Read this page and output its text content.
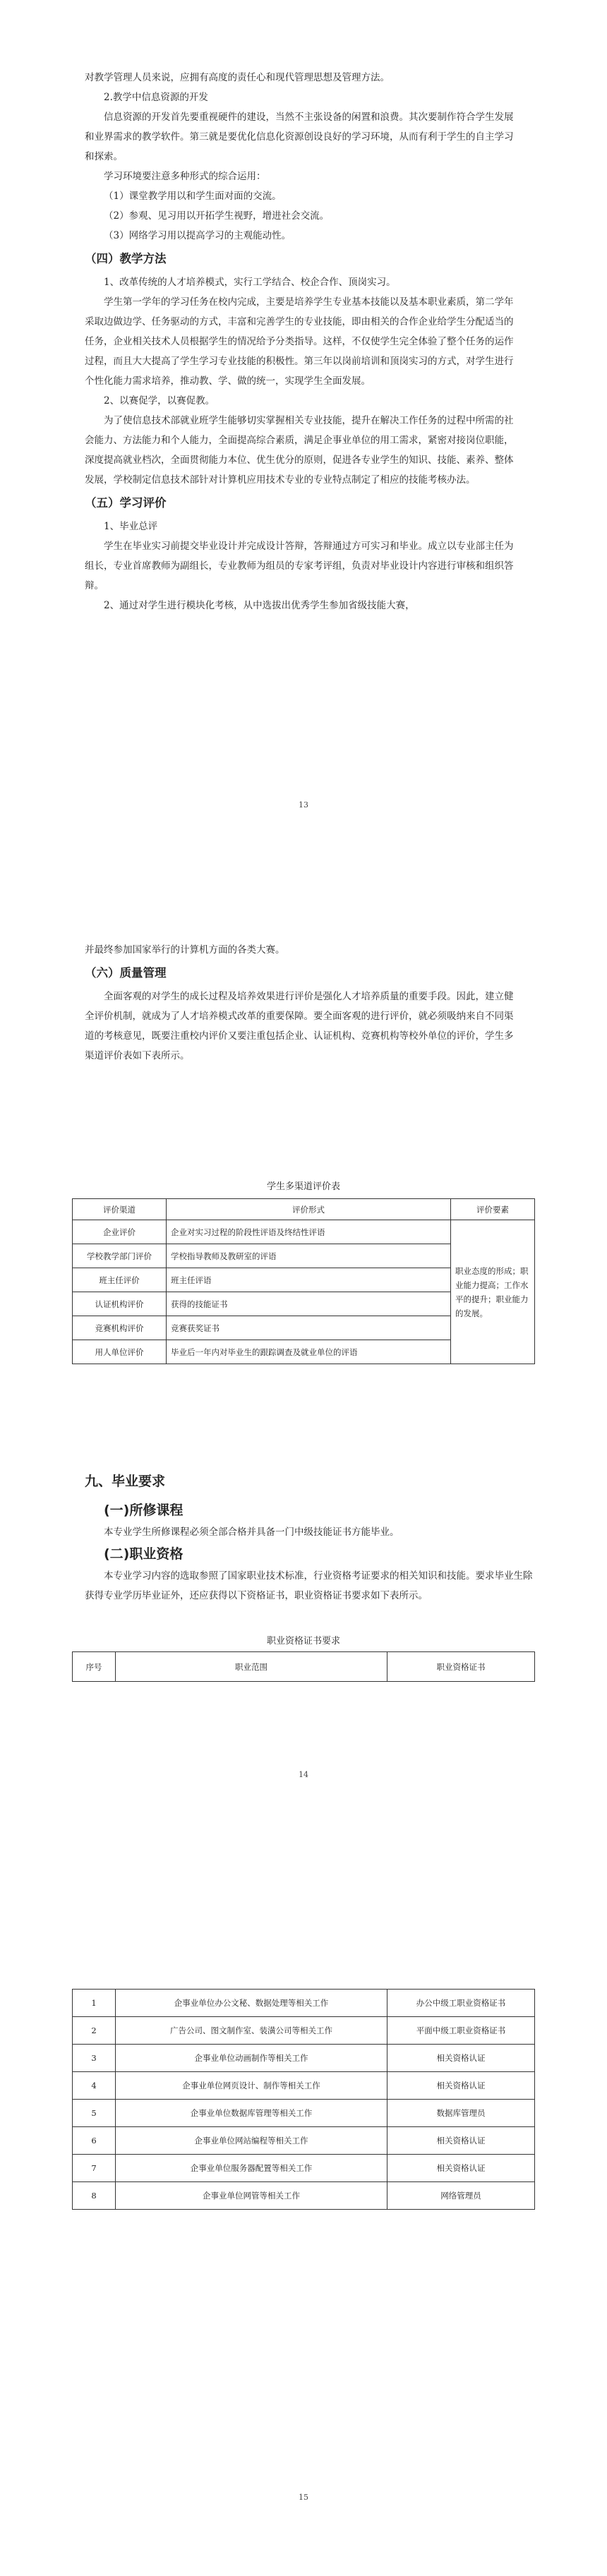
对教学管理人员来说，应拥有高度的责任心和现代管理思想及管理方法。

2.教学中信息资源的开发

信息资源的开发首先要重视硬件的建设，当然不主张设备的闲置和浪费。其次要制作符合学生发展和业界需求的教学软件。第三就是要优化信息化资源创设良好的学习环境，从而有利于学生的自主学习和探索。

学习环境要注意多种形式的综合运用：

（1）课堂教学用以和学生面对面的交流。

（2）参观、见习用以开拓学生视野，增进社会交流。

（3）网络学习用以提高学习的主观能动性。

（四）教学方法

1、改革传统的人才培养模式，实行工学结合、校企合作、顶岗实习。

学生第一学年的学习任务在校内完成，主要是培养学生专业基本技能以及基本职业素质，第二学年采取边做边学、任务驱动的方式，丰富和完善学生的专业技能，即由相关的合作企业给学生分配适当的任务，企业相关技术人员根据学生的情况给予分类指导。这样，不仅使学生完全体验了整个任务的运作过程，而且大大提高了学生学习专业技能的积极性。第三年以岗前培训和顶岗实习的方式，对学生进行个性化能力需求培养，推动教、学、做的统一，实现学生全面发展。

2、以赛促学，以赛促教。

为了使信息技术部就业班学生能够切实掌握相关专业技能，提升在解决工作任务的过程中所需的社会能力、方法能力和个人能力，全面提高综合素质，满足企事业单位的用工需求，紧密对接岗位职能，深度提高就业档次，全面贯彻能力本位、优生优分的原则，促进各专业学生的知识、技能、素养、整体发展，学校制定信息技术部针对计算机应用技术专业的专业特点制定了相应的技能考核办法。

（五）学习评价

1、毕业总评

学生在毕业实习前提交毕业设计并完成设计答辩，答辩通过方可实习和毕业。成立以专业部主任为组长，专业首席教师为副组长，专业教师为组员的专家考评组，负责对毕业设计内容进行审核和组织答辩。

2、通过对学生进行模块化考核，从中选拔出优秀学生参加省级技能大赛，

13

并最终参加国家举行的计算机方面的各类大赛。

（六）质量管理

全面客观的对学生的成长过程及培养效果进行评价是强化人才培养质量的重要手段。因此，建立健全评价机制，就成为了人才培养模式改革的重要保障。要全面客观的进行评价，就必须吸纳来自不同渠道的考核意见，既要注重校内评价又要注重包括企业、认证机构、竞赛机构等校外单位的评价，学生多渠道评价表如下表所示。

学生多渠道评价表
评价渠道	评价形式	评价要素
企业评价	企业对实习过程的阶段性评语及终结性评语	职业态度的形成；职业能力提高；工作水平的提升；职业能力的发展。
学校教学部门评价	学校指导教师及教研室的评语	
班主任评价	班主任评语	
认证机构评价	获得的技能证书	
竞赛机构评价	竞赛获奖证书	
用人单位评价	毕业后一年内对毕业生的跟踪调查及就业单位的评语	

九、毕业要求

(一)所修课程

本专业学生所修课程必须全部合格并具备一门中级技能证书方能毕业。

(二)职业资格

本专业学习内容的选取参照了国家职业技术标准，行业资格考证要求的相关知识和技能。要求毕业生除获得专业学历毕业证外，还应获得以下资格证书，职业资格证书要求如下表所示。

职业资格证书要求
序号	职业范围	职业资格证书
14
1	企事业单位办公文秘、数据处理等相关工作	办公中级工职业资格证书
2	广告公司、图文制作室、装潢公司等相关工作	平面中级工职业资格证书
3	企事业单位动画制作等相关工作	相关资格认证
4	企事业单位网页设计、制作等相关工作	相关资格认证
5	企事业单位数据库管理等相关工作	数据库管理员
6	企事业单位网站编程等相关工作	相关资格认证
7	企事业单位服务器配置等相关工作	相关资格认证
8	企事业单位网管等相关工作	网络管理员
15
